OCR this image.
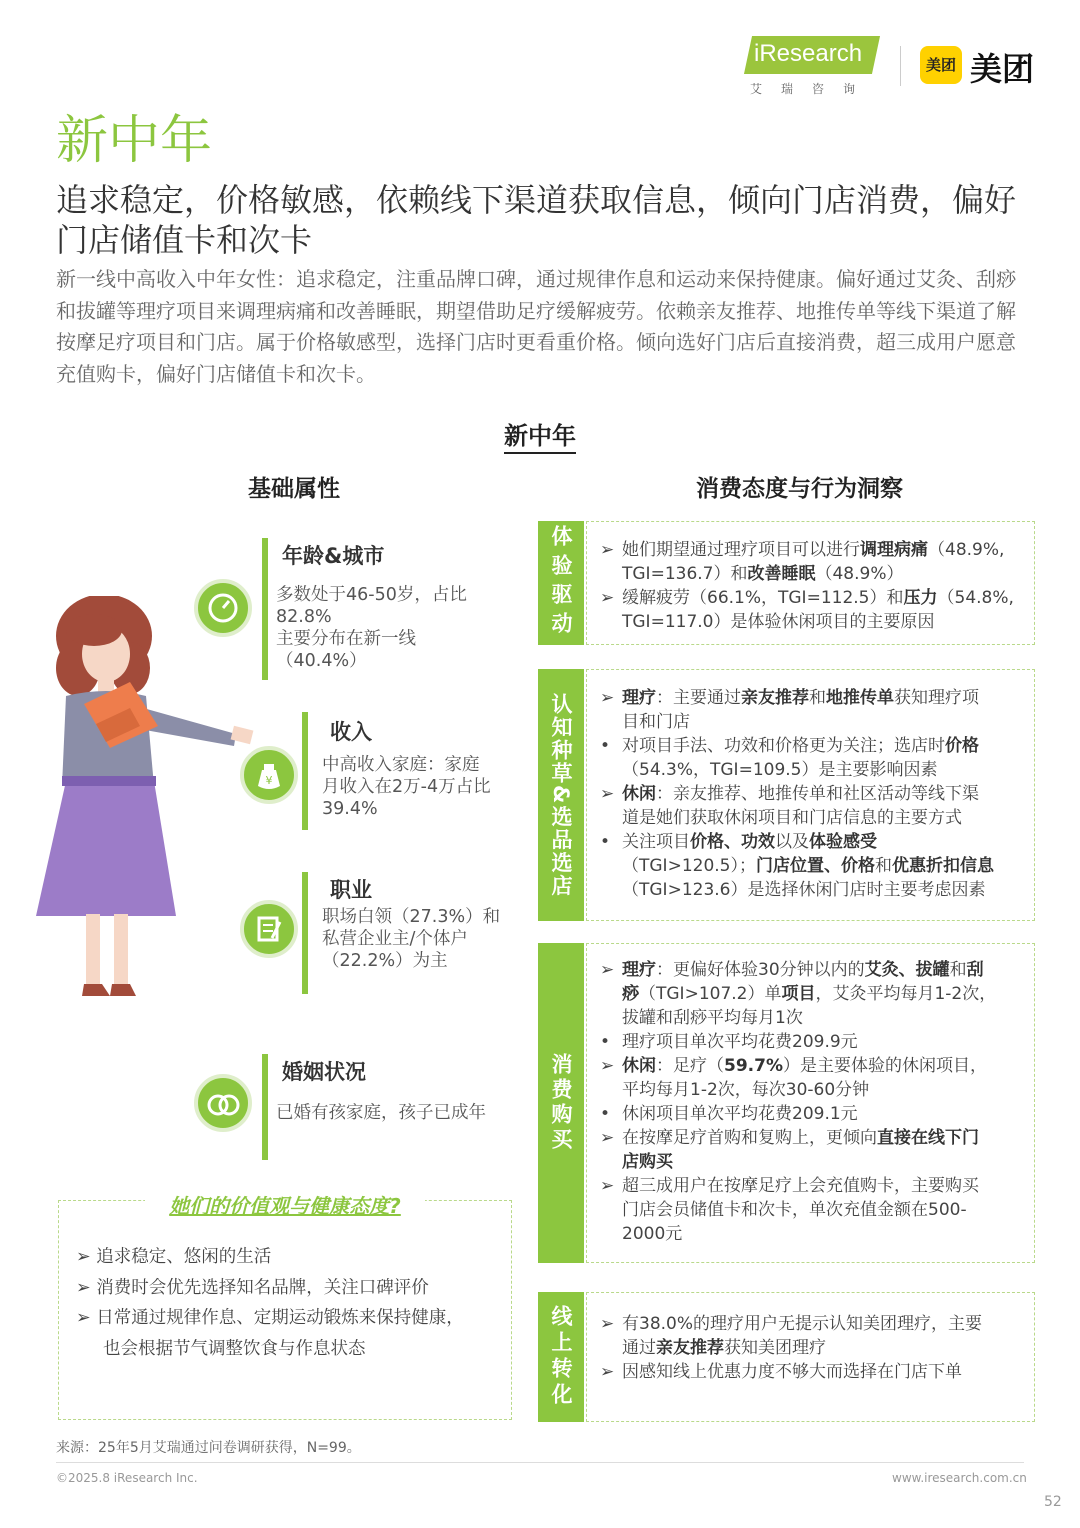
iResearch
艾瑞咨询
美团 美团
新中年
追求稳定，价格敏感，依赖线下渠道获取信息，倾向门店消费，偏好门店储值卡和次卡
新一线中高收入中年女性：追求稳定，注重品牌口碑，通过规律作息和运动来保持健康。偏好通过艾灸、刮痧和拔罐等理疗项目来调理病痛和改善睡眠，期望借助足疗缓解疲劳。依赖亲友推荐、地推传单等线下渠道了解按摩足疗项目和门店。属于价格敏感型，选择门店时更看重价格。倾向选好门店后直接消费，超三成用户愿意充值购卡，偏好门店储值卡和次卡。
新中年
基础属性	消费态度与行为洞察
年龄&城市
多数处于46-50岁，占比
82.8%
主要分布在新一线
（40.4%）
¥
收入
中高收入家庭：家庭
月收入在2万-4万占比
39.4%
职业
职场白领（27.3%）和
私营企业主/个体户
（22.2%）为主
婚姻状况
已婚有孩家庭，孩子已成年
她们的价值观与健康态度?
➢ 追求稳定、悠闲的生活
➢ 消费时会优先选择知名品牌，关注口碑评价
➢ 日常通过规律作息、定期运动锻炼来保持健康，
也会根据节气调整饮食与作息状态
体验驱动 ➢ 她们期望通过理疗项目可以进行调理病痛（48.9%,
TGI=136.7）和改善睡眠（48.9%）
➢ 缓解疲劳（66.1%，TGI=112.5）和压力（54.8%,
TGI=117.0）是体验休闲项目的主要原因
认知种草&选品选店 ➢ 理疗：主要通过亲友推荐和地推传单获知理疗项
目和门店
• 对项目手法、功效和价格更为关注；选店时价格
（54.3%，TGI=109.5）是主要影响因素
➢ 休闲：亲友推荐、地推传单和社区活动等线下渠
道是她们获取休闲项目和门店信息的主要方式
• 关注项目价格、功效以及体验感受
（TGI>120.5）；门店位置、价格和优惠折扣信息
（TGI>123.6）是选择休闲门店时主要考虑因素
消费购买
➢ 理疗：更偏好体验30分钟以内的艾灸、拔罐和刮
痧（TGI>107.2）单项目，艾灸平均每月1-2次，
拔罐和刮痧平均每月1次
• 理疗项目单次平均花费209.9元
➢ 休闲：足疗（59.7%）是主要体验的休闲项目，
平均每月1-2次，每次30-60分钟
• 休闲项目单次平均花费209.1元
➢ 在按摩足疗首购和复购上，更倾向直接在线下门
店购买
➢ 超三成用户在按摩足疗上会充值购卡，主要购买
门店会员储值卡和次卡，单次充值金额在500-
2000元
线上转化 ➢ 有38.0%的理疗用户无提示认知美团理疗，主要
通过亲友推荐获知美团理疗
➢ 因感知线上优惠力度不够大而选择在门店下单
来源：25年5月艾瑞通过问卷调研获得，N=99。
©2025.8 iResearch Inc.	www.iresearch.com.cn
52
